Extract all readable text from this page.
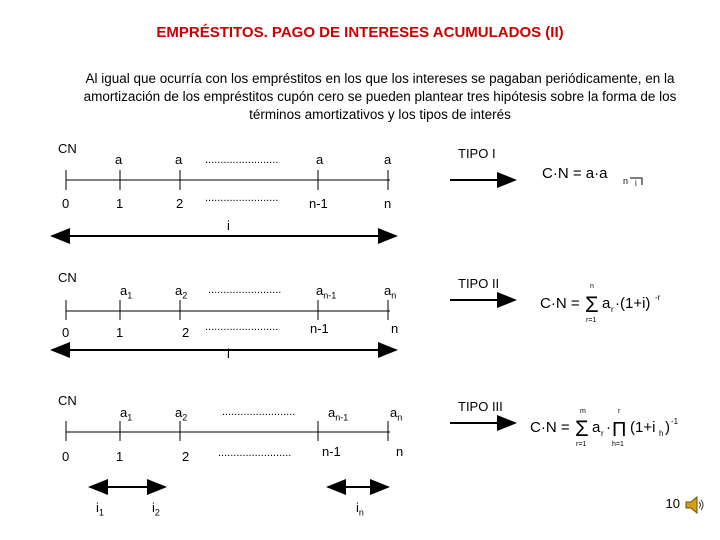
EMPRÉSTITOS. PAGO DE INTERESES ACUMULADOS (II)
Al igual que ocurría con los empréstitos en los que los intereses se pagaban periódicamente, en la amortización de los empréstitos cupón cero se pueden plantear tres hipótesis sobre la forma de los términos amortizativos y los tipos de interés
CN
a	a ........................	a	a
0	1	2 ........................ n-1	n
i
TIPO I
C·N = a·a n i
CN
$a_1$	$a_2$ ........................	$a_{n-1}$	$a_n$
0	1	2 ........................ n-1	n
i
TIPO II
C·N =
n
Σ
r=1
a r ·(1+i) -r
CN
$a_1$	$a_2$	........................	$a_{n-1}$	$a_n$
0	1	2	........................ n-1	n
$i_1$	$i_2$	$i_n$
TIPO III
C·N =
m
Σ
r=1
a r ·
r
Π
h=1
(1+i h ) -1
10
